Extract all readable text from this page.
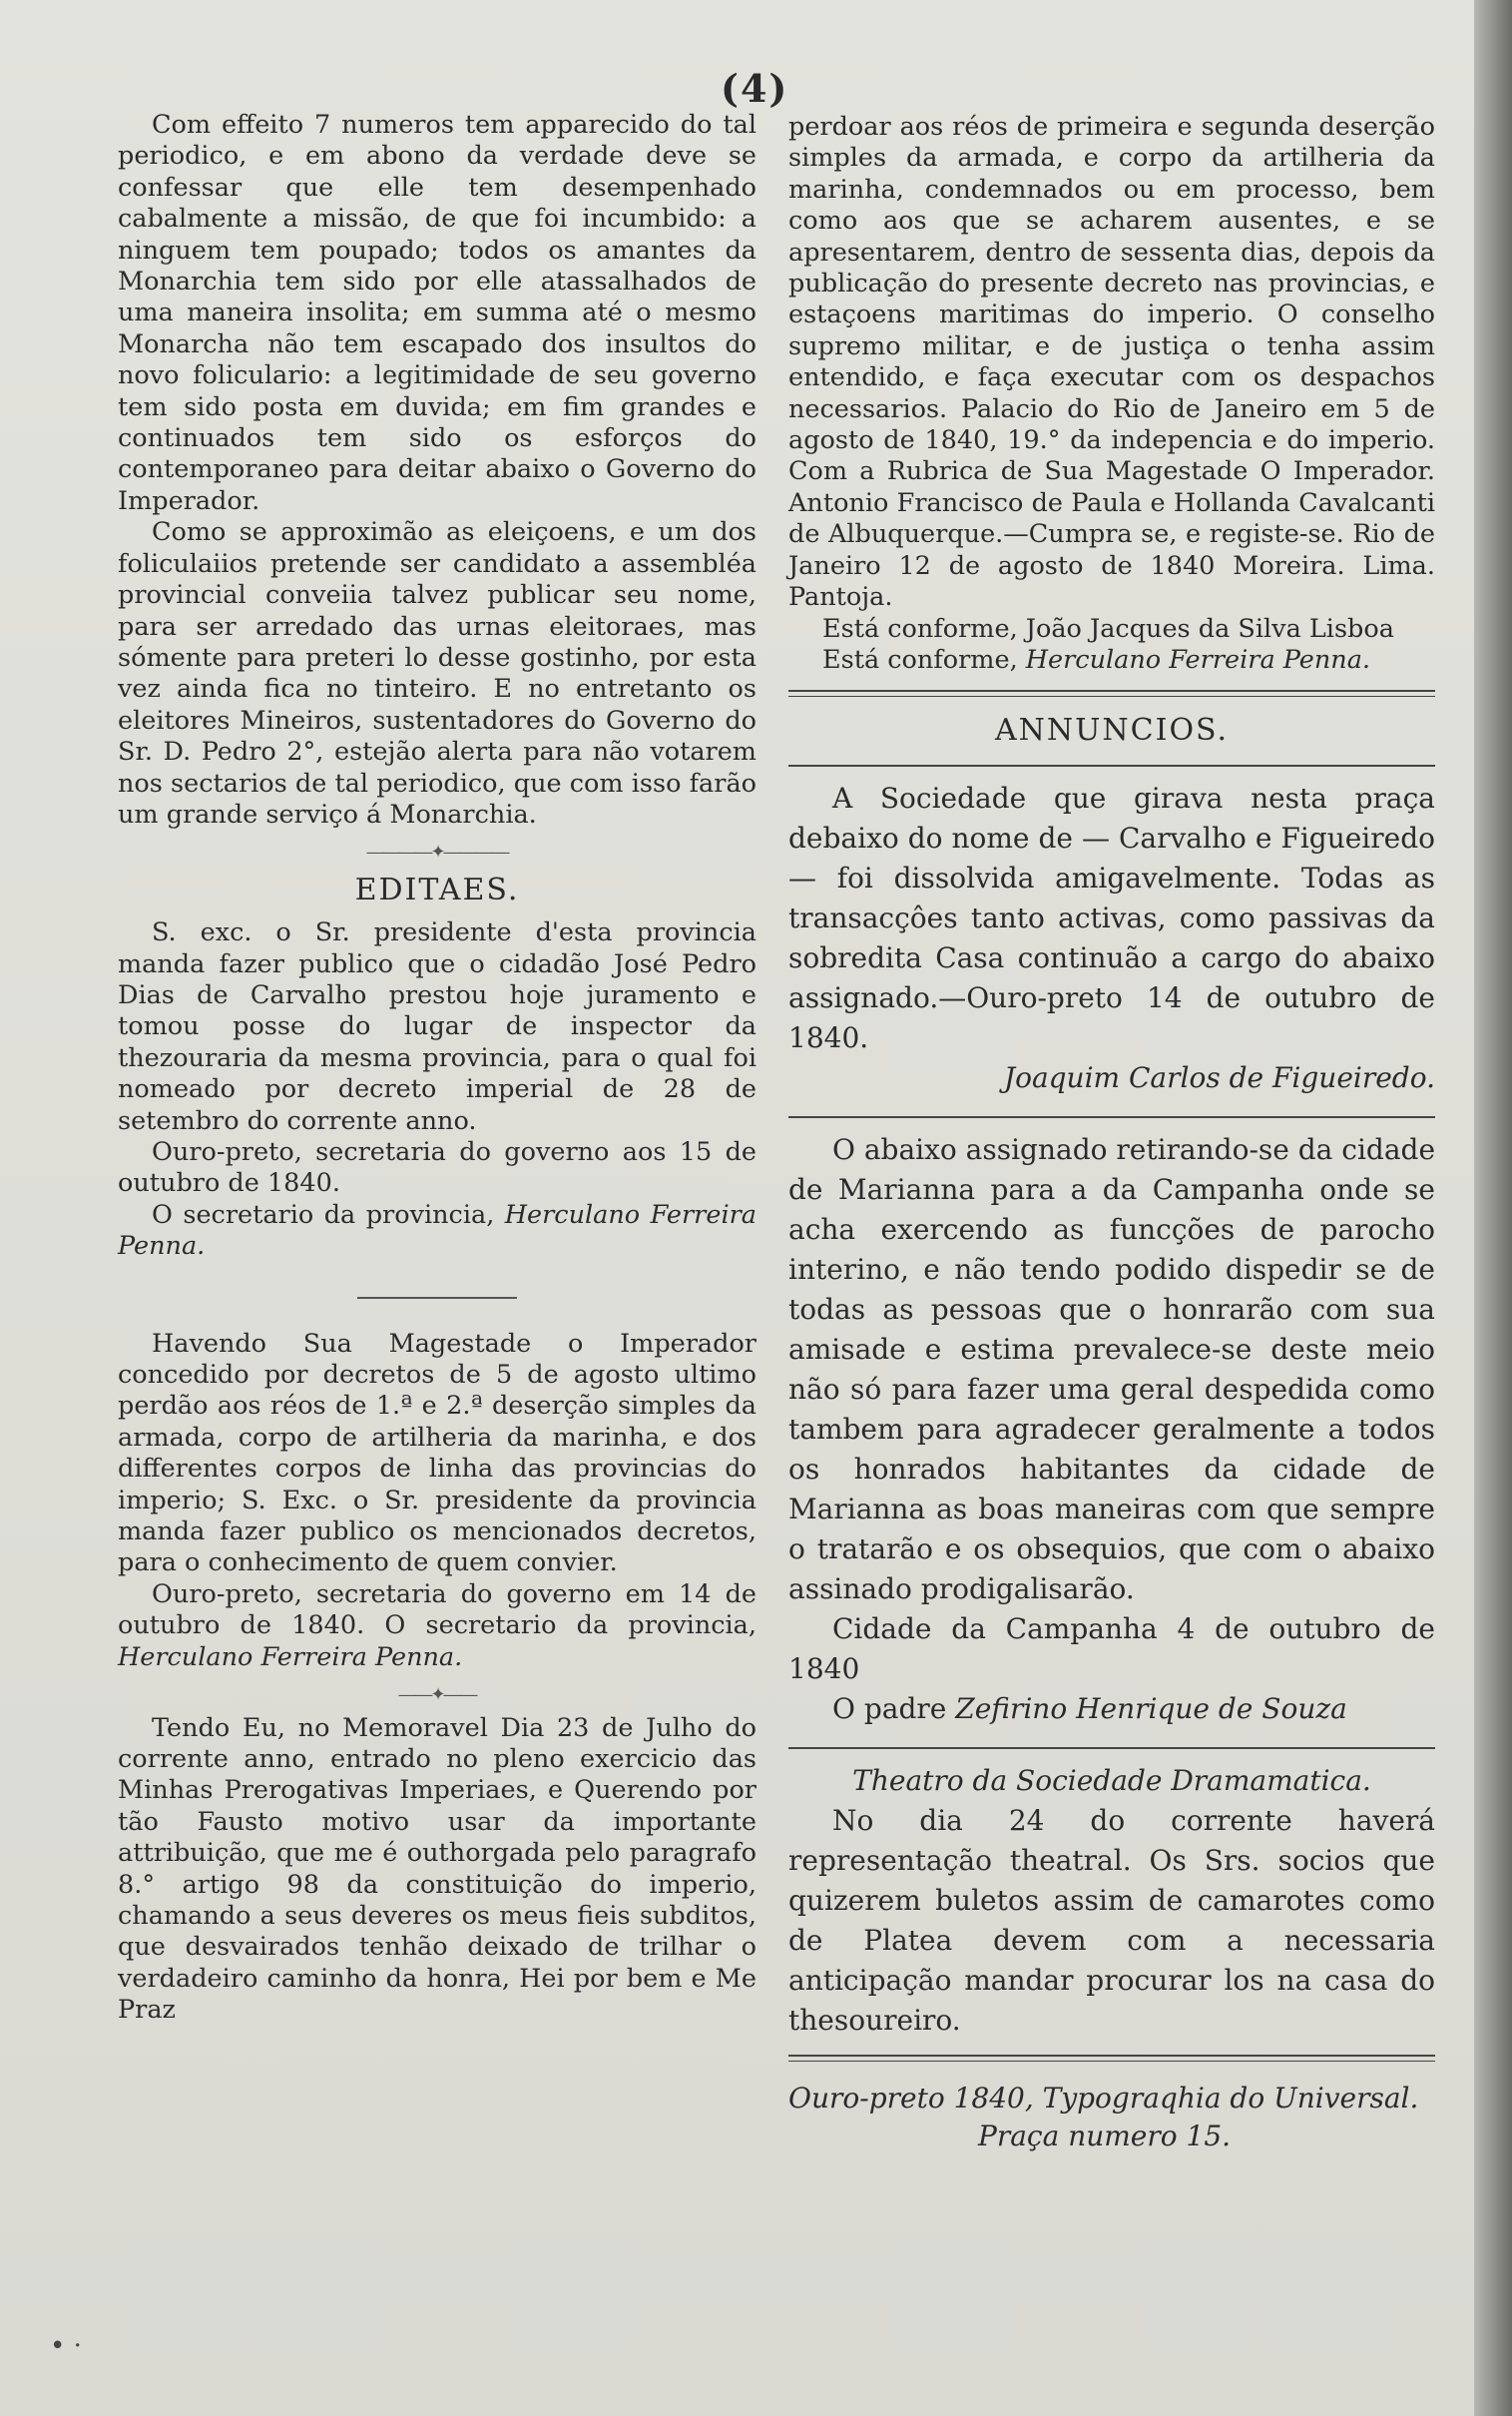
(4)

Com effeito 7 numeros tem apparecido do tal periodico, e em abono da verdade deve se confessar que elle tem desempenhado cabalmente a missão, de que foi incumbido: a ninguem tem poupado; todos os amantes da Monarchia tem sido por elle atassalhados de uma maneira insolita; em summa até o mesmo Monarcha não tem escapado dos insultos do novo foliculario: a legitimidade de seu governo tem sido posta em duvida; em fim grandes e continuados tem sido os esforços do contemporaneo para deitar abaixo o Governo do Imperador.

Como se approximão as eleiçoens, e um dos foliculaiios pretende ser candidato a assembléa provincial conveiia talvez publicar seu nome, para ser arredado das urnas eleitoraes, mas sómente para preteri lo desse gostinho, por esta vez ainda fica no tinteiro. E no entretanto os eleitores Mineiros, sustentadores do Governo do Sr. D. Pedro 2°, estejão alerta para não votarem nos sectarios de tal periodico, que com isso farão um grande serviço á Monarchia.

――――✦――――
EDITAES.

S. exc. o Sr. presidente d'esta provincia manda fazer publico que o cidadão José Pedro Dias de Carvalho prestou hoje juramento e tomou posse do lugar de inspector da thezouraria da mesma provincia, para o qual foi nomeado por decreto imperial de 28 de setembro do corrente anno.

Ouro-preto, secretaria do governo aos 15 de outubro de 1840.

O secretario da provincia, Herculano Ferreira Penna.

Havendo Sua Magestade o Imperador concedido por decretos de 5 de agosto ultimo perdão aos réos de 1.ª e 2.ª deserção simples da armada, corpo de artilheria da marinha, e dos differentes corpos de linha das provincias do imperio; S. Exc. o Sr. presidente da provincia manda fazer publico os mencionados decretos, para o conhecimento de quem convier.

Ouro-preto, secretaria do governo em 14 de outubro de 1840. O secretario da provincia, Herculano Ferreira Penna.

――✦――

Tendo Eu, no Memoravel Dia 23 de Julho do corrente anno, entrado no pleno exercicio das Minhas Prerogativas Imperiaes, e Querendo por tão Fausto motivo usar da importante attribuição, que me é outhorgada pelo paragrafo 8.° artigo 98 da constituição do imperio, chamando a seus deveres os meus fieis subditos, que desvairados tenhão deixado de trilhar o verdadeiro caminho da honra, Hei por bem e Me Praz

perdoar aos réos de primeira e segunda deserção simples da armada, e corpo da artilheria da marinha, condemnados ou em processo, bem como aos que se acharem ausentes, e se apresentarem, dentro de sessenta dias, depois da publicação do presente decreto nas provincias, e estaçoens maritimas do imperio. O conselho supremo militar, e de justiça o tenha assim entendido, e faça executar com os despachos necessarios. Palacio do Rio de Janeiro em 5 de agosto de 1840, 19.° da indepencia e do imperio. Com a Rubrica de Sua Magestade O Imperador. Antonio Francisco de Paula e Hollanda Cavalcanti de Albuquerque.—Cumpra se, e registe-se. Rio de Janeiro 12 de agosto de 1840 Moreira. Lima. Pantoja.

Está conforme, João Jacques da Silva Lisboa

Está conforme, Herculano Ferreira Penna.

ANNUNCIOS.

A Sociedade que girava nesta praça debaixo do nome de — Carvalho e Figueiredo — foi dissolvida amigavelmente. Todas as transacçôes tanto activas, como passivas da sobredita Casa continuão a cargo do abaixo assignado.—Ouro-preto 14 de outubro de 1840.

Joaquim Carlos de Figueiredo.

O abaixo assignado retirando-se da cidade de Marianna para a da Campanha onde se acha exercendo as funcções de parocho interino, e não tendo podido dispedir se de todas as pessoas que o honrarão com sua amisade e estima prevalece-se deste meio não só para fazer uma geral despedida como tambem para agradecer geralmente a todos os honrados habitantes da cidade de Marianna as boas maneiras com que sempre o tratarão e os obsequios, que com o abaixo assinado prodigalisarão.

Cidade da Campanha 4 de outubro de 1840

O padre Zefirino Henrique de Souza

Theatro da Sociedade Dramamatica.

No dia 24 do corrente haverá representação theatral. Os Srs. socios que quizerem buletos assim de camarotes como de Platea devem com a necessaria anticipação mandar procurar los na casa do thesoureiro.

Ouro-preto 1840, Typograqhia do Universal.
Praça numero 15.
• ·
